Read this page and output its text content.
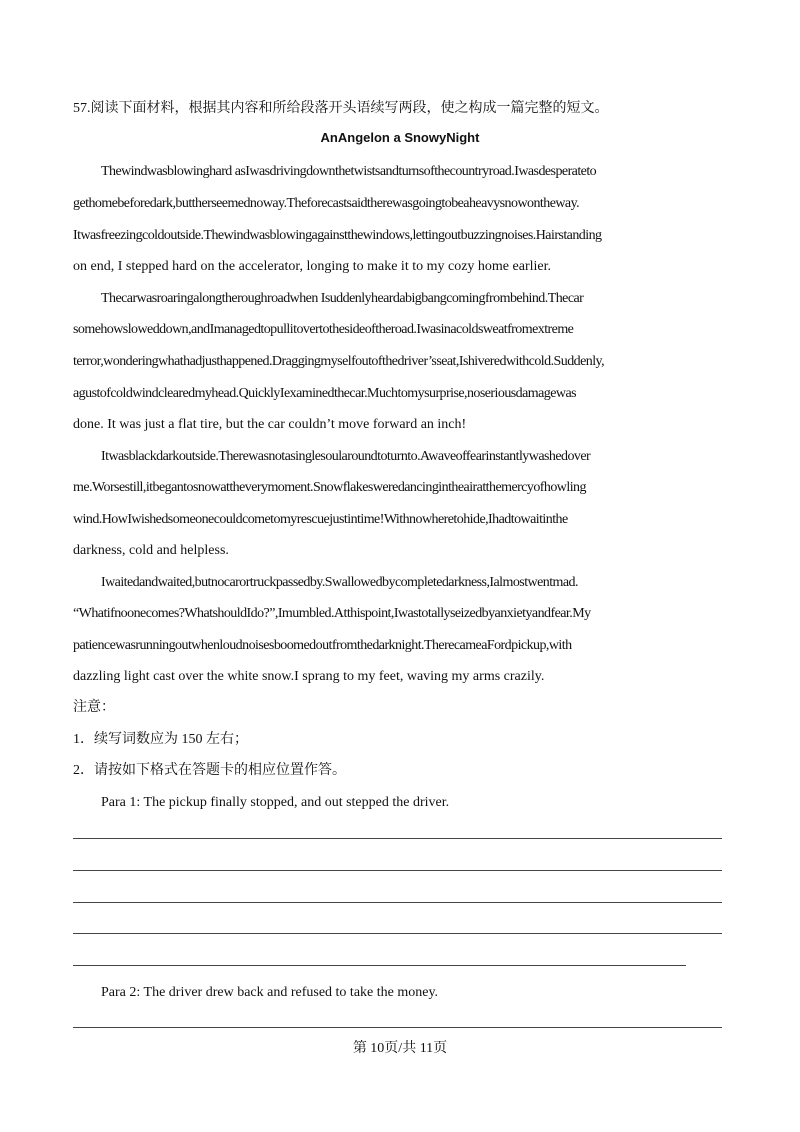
57.阅读下面材料，根据其内容和所给段落开头语续写两段，使之构成一篇完整的短文。
AnAngelon a SnowyNight
Thewindwasblowinghard asIwasdrivingdownthetwistsandturnsofthecountryroad.Iwasdesperateto
gethomebeforedark,buttherseemednoway.Theforecastsaidtherewasgoingtobeaheavysnowontheway.
Itwasfreezingcoldoutside.Thewindwasblowingagainstthewindows,lettingoutbuzzingnoises.Hairstanding
on end, I stepped hard on the accelerator, longing to make it to my cozy home earlier.
Thecarwasroaringalongtheroughroadwhen Isuddenlyheardabigbangcomingfrombehind.Thecar
somehowsloweddown,andImanagedtopullitovertothesideoftheroad.Iwasinacoldsweatfromextreme
terror,wonderingwhathadjusthappened.Draggingmyselfoutofthedriver’sseat,Ishiveredwithcold.Suddenly,
agustofcoldwindclearedmyhead.QuicklyIexaminedthecar.Muchtomysurprise,noseriousdamagewas
done. It was just a flat tire, but the car couldn’t move forward an inch!
Itwasblackdarkoutside.Therewasnotasinglesoularoundtoturnto.Awaveoffearinstantlywashedover
me.Worsestill,itbegantosnowattheverymoment.Snowflakesweredancingintheairatthemercyofhowling
wind.HowIwishedsomeonecouldcometomyrescuejustintime!Withnowheretohide,Ihadtowaitinthe
darkness, cold and helpless.
Iwaitedandwaited,butnocarortruckpassedby.Swallowedbycompletedarkness,Ialmostwentmad.
“Whatifnoonecomes?WhatshouldIdo?”,Imumbled.Atthispoint,Iwastotallyseizedbyanxietyandfear.My
patiencewasrunningoutwhenloudnoisesboomedoutfromthedarknight.TherecameaFordpickup,with
dazzling light cast over the white snow.I sprang to my feet, waving my arms crazily.
注意：
1．续写词数应为 150 左右；
2．请按如下格式在答题卡的相应位置作答。
Para 1: The pickup finally stopped, and out stepped the driver.
Para 2: The driver drew back and refused to take the money.
第 10页/共 11页
